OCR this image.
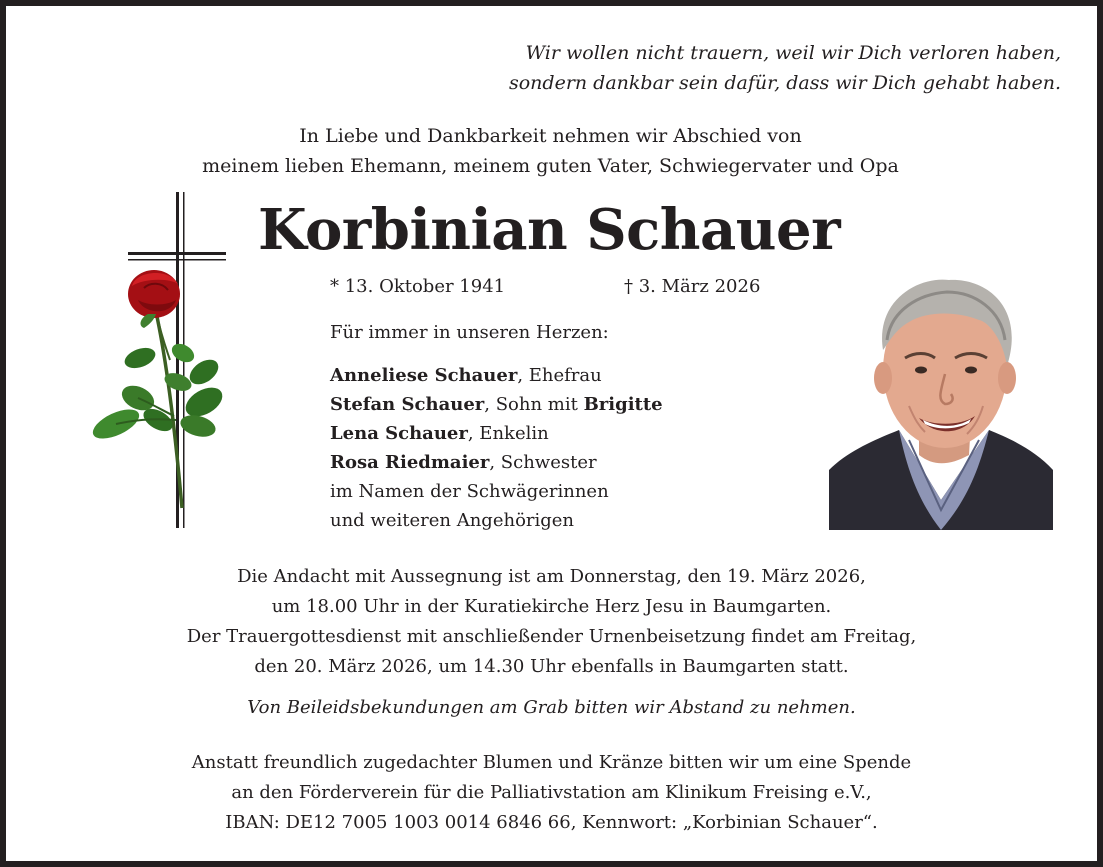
Wir wollen nicht trauern, weil wir Dich verloren haben,
sondern dankbar sein dafür, dass wir Dich gehabt haben.
In Liebe und Dankbarkeit nehmen wir Abschied von
meinem lieben Ehemann, meinem guten Vater, Schwiegervater und Opa
Korbinian Schauer
* 13. Oktober 1941	† 3. März 2026
Für immer in unseren Herzen:
Anneliese Schauer, Ehefrau
Stefan Schauer, Sohn mit Brigitte
Lena Schauer, Enkelin
Rosa Riedmaier, Schwester
im Namen der Schwägerinnen
und weiteren Angehörigen
Die Andacht mit Aussegnung ist am Donnerstag, den 19. März 2026,
um 18.00 Uhr in der Kuratiekirche Herz Jesu in Baumgarten.
Der Trauergottesdienst mit anschließender Urnenbeisetzung findet am Freitag,
den 20. März 2026, um 14.30 Uhr ebenfalls in Baumgarten statt.
Von Beileidsbekundungen am Grab bitten wir Abstand zu nehmen.
Anstatt freundlich zugedachter Blumen und Kränze bitten wir um eine Spende
an den Förderverein für die Palliativstation am Klinikum Freising e.V.,
IBAN: DE12 7005 1003 0014 6846 66, Kennwort: „Korbinian Schauer“.
